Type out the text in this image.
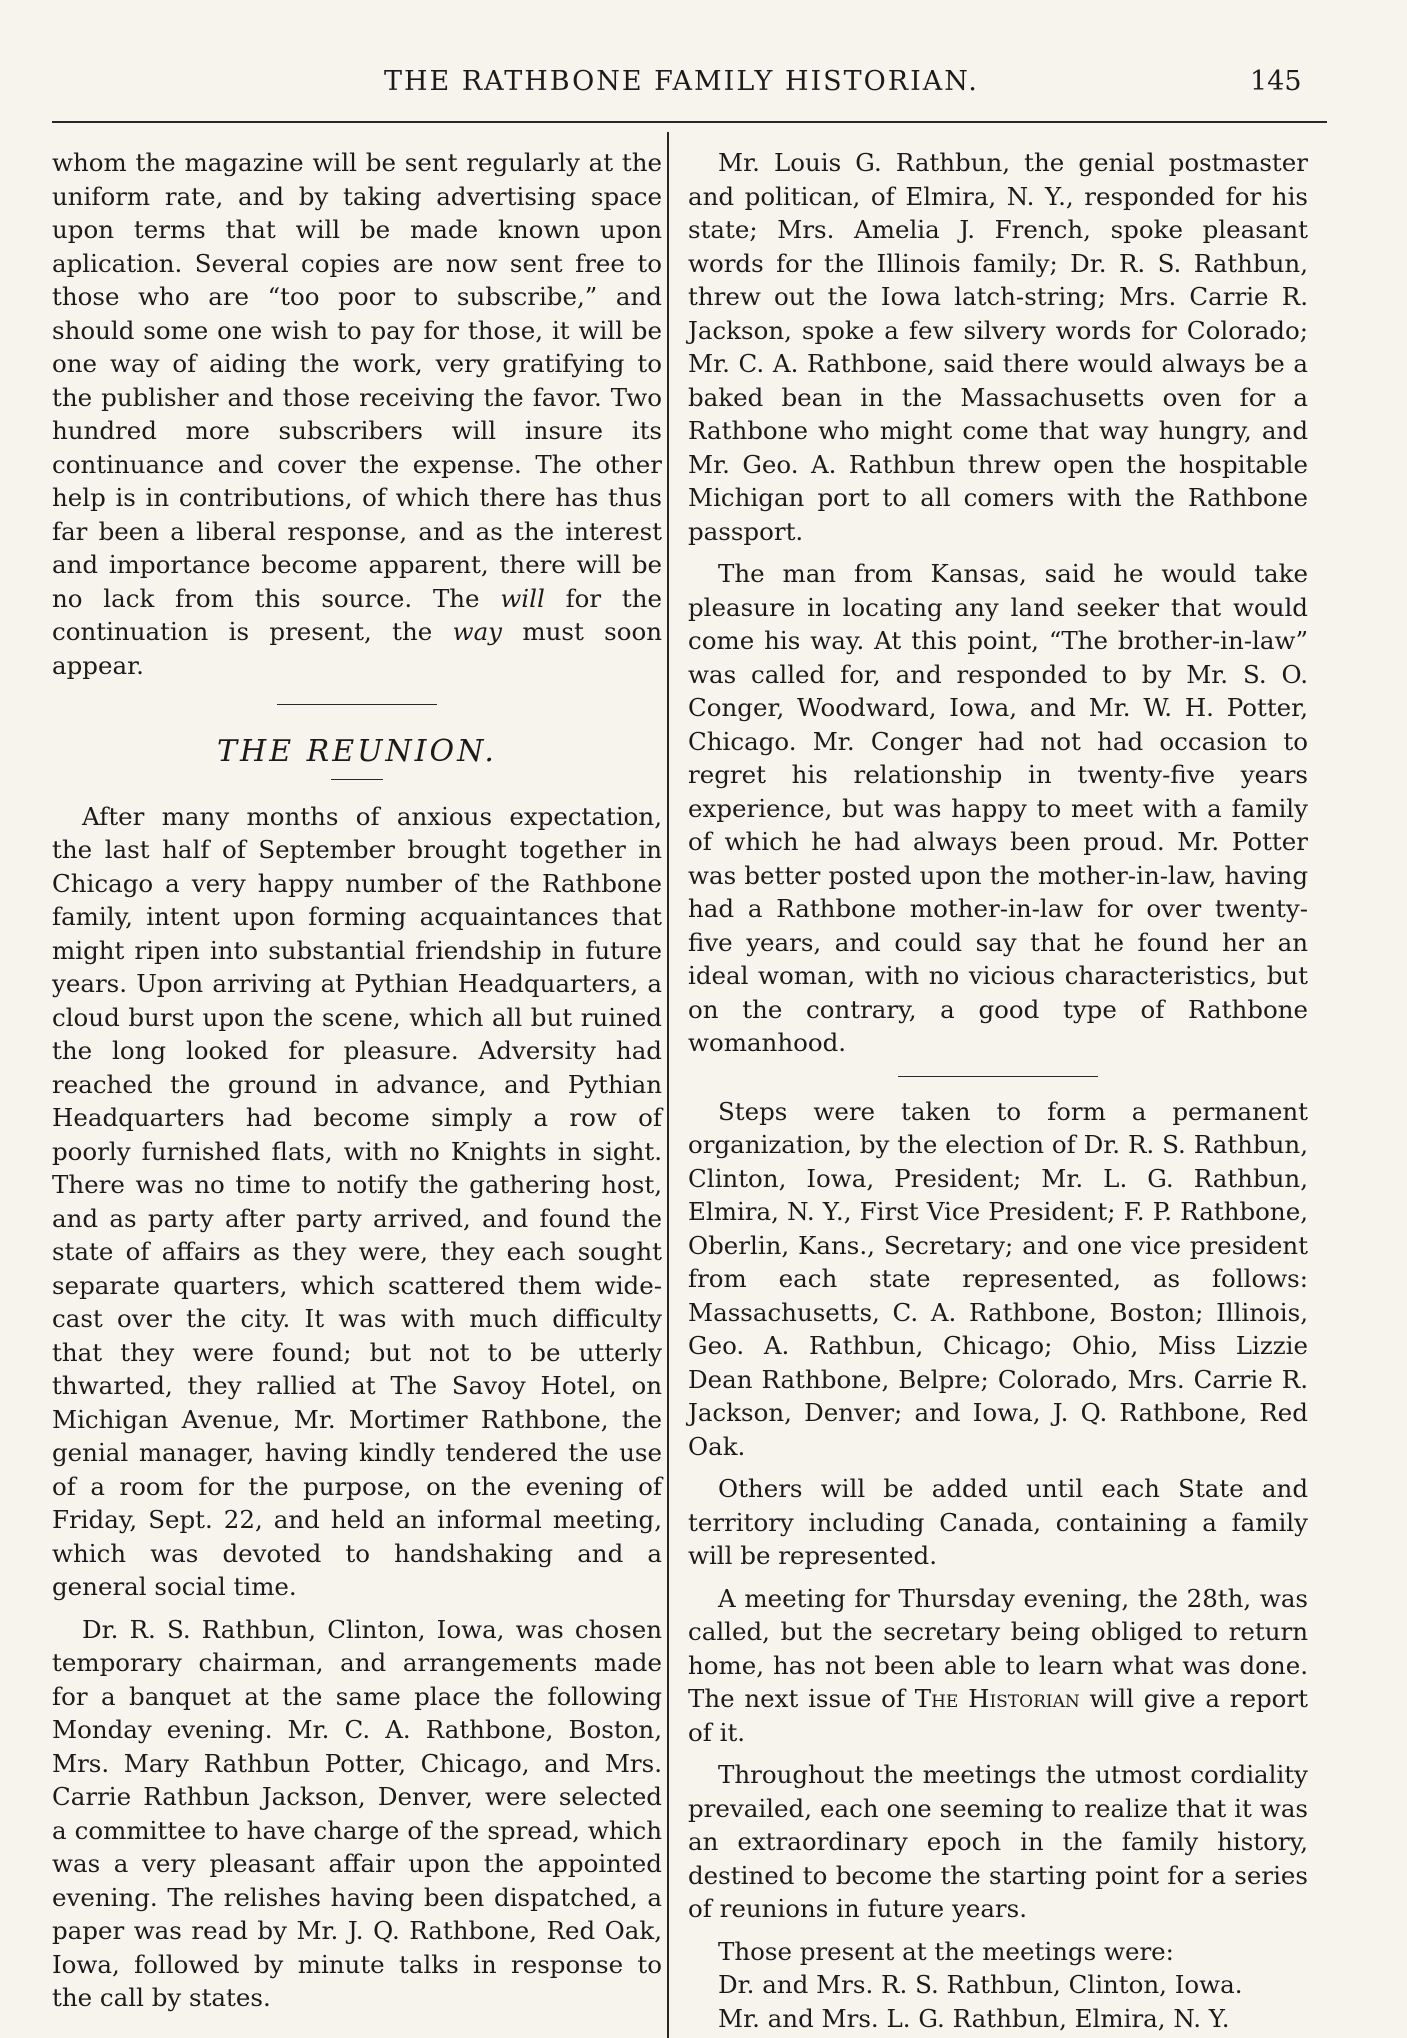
THE RATHBONE FAMILY HISTORIAN.	145

whom the magazine will be sent regularly at the uniform rate, and by taking advertising space upon terms that will be made known upon aplication. Several copies are now sent free to those who are “too poor to subscribe,” and should some one wish to pay for those, it will be one way of aiding the work, very gratifying to the publisher and those receiving the favor. Two hundred more subscribers will insure its continuance and cover the expense. The other help is in contributions, of which there has thus far been a liberal response, and as the interest and importance become apparent, there will be no lack from this source. The will for the continuation is present, the way must soon appear.

THE REUNION.

After many months of anxious expectation, the last half of September brought together in Chicago a very happy number of the Rathbone family, intent upon forming acquaintances that might ripen into substantial friendship in future years. Upon arriving at Pythian Headquarters, a cloud burst upon the scene, which all but ruined the long looked for pleasure. Adversity had reached the ground in advance, and Pythian Headquarters had become simply a row of poorly furnished flats, with no Knights in sight. There was no time to notify the gathering host, and as party after party arrived, and found the state of affairs as they were, they each sought separate quarters, which scattered them wide-cast over the city. It was with much difficulty that they were found; but not to be utterly thwarted, they rallied at The Savoy Hotel, on Michigan Avenue, Mr. Mortimer Rathbone, the genial manager, having kindly tendered the use of a room for the purpose, on the evening of Friday, Sept. 22, and held an informal meeting, which was devoted to handshaking and a general social time.

Dr. R. S. Rathbun, Clinton, Iowa, was chosen temporary chairman, and arrangements made for a banquet at the same place the following Monday evening. Mr. C. A. Rathbone, Boston, Mrs. Mary Rathbun Potter, Chicago, and Mrs. Carrie Rathbun Jackson, Denver, were selected a committee to have charge of the spread, which was a very pleasant affair upon the appointed evening. The relishes having been dispatched, a paper was read by Mr. J. Q. Rathbone, Red Oak, Iowa, followed by minute talks in response to the call by states.

Mr. Louis G. Rathbun, the genial postmaster and politican, of Elmira, N. Y., responded for his state; Mrs. Amelia J. French, spoke pleasant words for the Illinois family; Dr. R. S. Rathbun, threw out the Iowa latch-string; Mrs. Carrie R. Jackson, spoke a few silvery words for Colorado; Mr. C. A. Rathbone, said there would always be a baked bean in the Massachusetts oven for a Rathbone who might come that way hungry, and Mr. Geo. A. Rathbun threw open the hospitable Michigan port to all comers with the Rathbone passport.

The man from Kansas, said he would take pleasure in locating any land seeker that would come his way. At this point, “The brother-in-law” was called for, and responded to by Mr. S. O. Conger, Woodward, Iowa, and Mr. W. H. Potter, Chicago. Mr. Conger had not had occasion to regret his relationship in twenty-five years experience, but was happy to meet with a family of which he had always been proud. Mr. Potter was better posted upon the mother-in-law, having had a Rathbone mother-in-law for over twenty-five years, and could say that he found her an ideal woman, with no vicious characteristics, but on the contrary, a good type of Rathbone womanhood.

Steps were taken to form a permanent organization, by the election of Dr. R. S. Rathbun, Clinton, Iowa, President; Mr. L. G. Rathbun, Elmira, N. Y., First Vice President; F. P. Rathbone, Oberlin, Kans., Secretary; and one vice president from each state represented, as follows: Massachusetts, C. A. Rathbone, Boston; Illinois, Geo. A. Rathbun, Chicago; Ohio, Miss Lizzie Dean Rathbone, Belpre; Colorado, Mrs. Carrie R. Jackson, Denver; and Iowa, J. Q. Rathbone, Red Oak.

Others will be added until each State and territory including Canada, containing a family will be represented.

A meeting for Thursday evening, the 28th, was called, but the secretary being obliged to return home, has not been able to learn what was done. The next issue of The Historian will give a report of it.

Throughout the meetings the utmost cordiality prevailed, each one seeming to realize that it was an extraordinary epoch in the family history, destined to become the starting point for a series of reunions in future years.

Those present at the meetings were:

Dr. and Mrs. R. S. Rathbun, Clinton, Iowa.

Mr. and Mrs. L. G. Rathbun, Elmira, N. Y.
